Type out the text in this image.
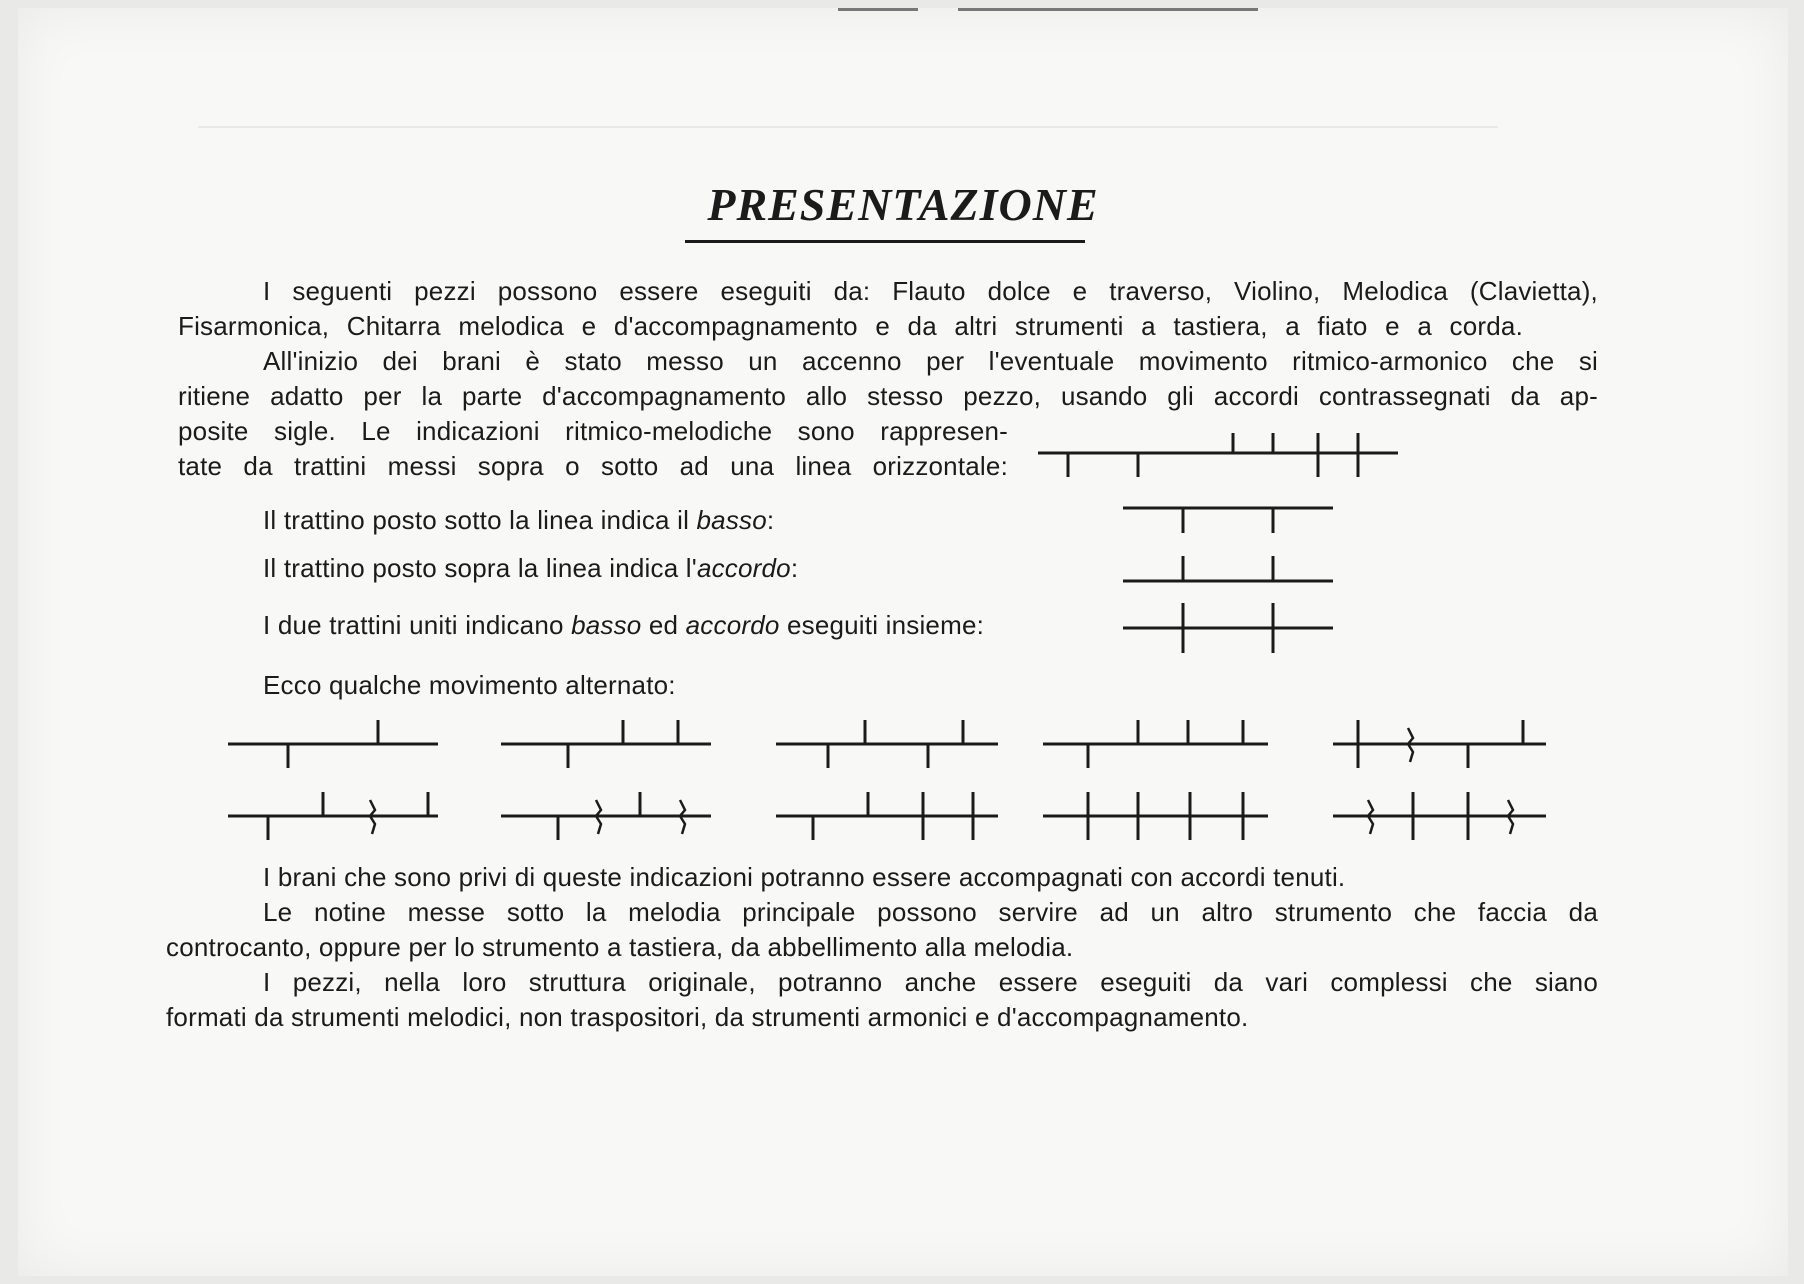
PRESENTAZIONE
I seguenti pezzi possono essere eseguiti da: Flauto dolce e traverso, Violino, Melodica (Clavietta),
Fisarmonica, Chitarra melodica e d'accompagnamento e da altri strumenti a tastiera, a fiato e a corda.
All'inizio dei brani è stato messo un accenno per l'eventuale movimento ritmico-armonico che si
ritiene adatto per la parte d'accompagnamento allo stesso pezzo, usando gli accordi contrassegnati da ap-
posite sigle. Le indicazioni ritmico-melodiche sono rappresen-
tate da trattini messi sopra o sotto ad una linea orizzontale:
Il trattino posto sotto la linea indica il basso:
Il trattino posto sopra la linea indica l'accordo:
I due trattini uniti indicano basso ed accordo eseguiti insieme:
Ecco qualche movimento alternato:
I brani che sono privi di queste indicazioni potranno essere accompagnati con accordi tenuti.
Le notine messe sotto la melodia principale possono servire ad un altro strumento che faccia da
controcanto, oppure per lo strumento a tastiera, da abbellimento alla melodia.
I pezzi, nella loro struttura originale, potranno anche essere eseguiti da vari complessi che siano
formati da strumenti melodici, non traspositori, da strumenti armonici e d'accompagnamento.
